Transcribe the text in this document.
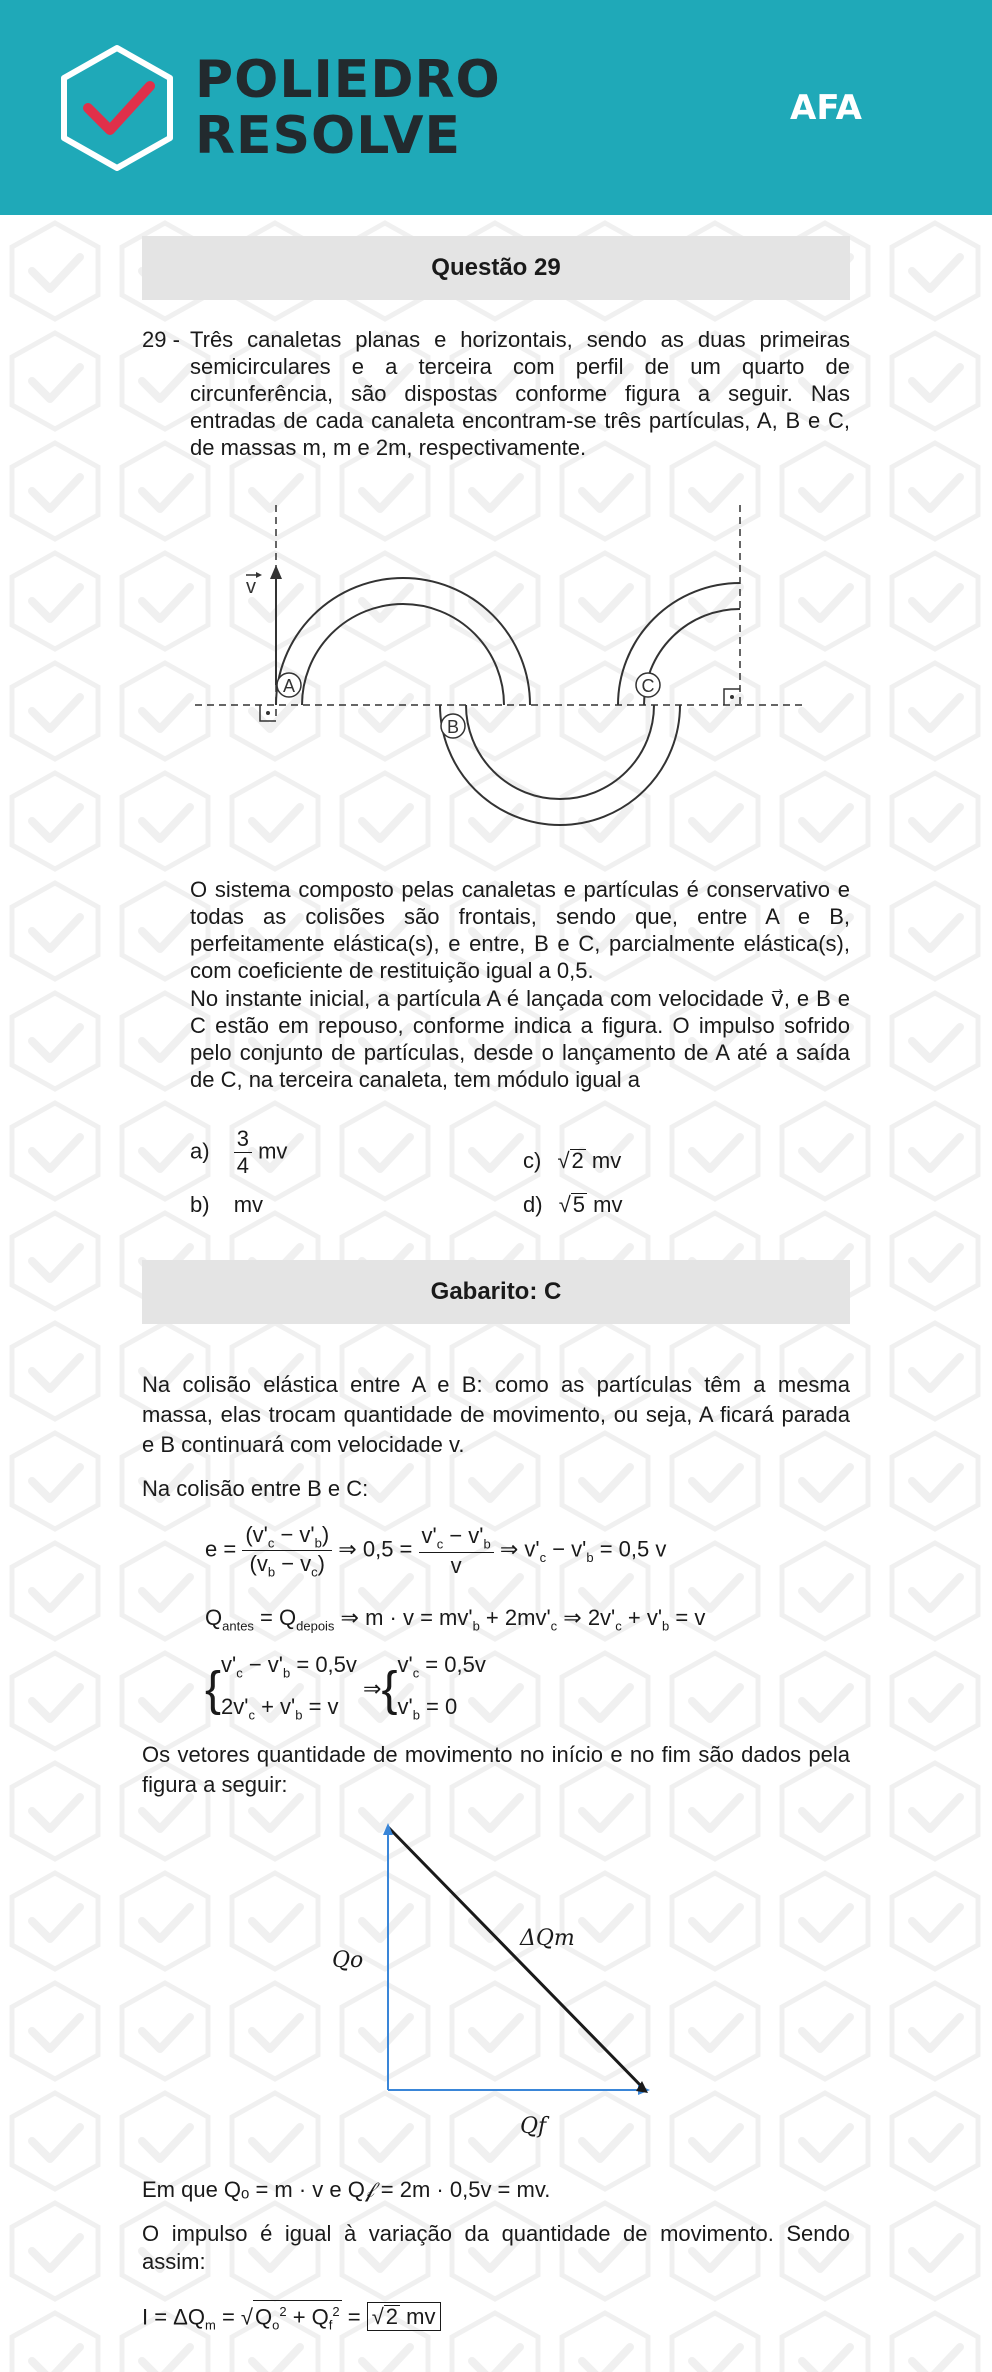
POLIEDRO
RESOLVE	AFA
Questão 29
29 - Três canaletas planas e horizontais, sendo as duas primeiras semicirculares e a terceira com perfil de um quarto de circunferência, são dispostas conforme figura a seguir. Nas entradas de cada canaleta encontram-se três partículas, A, B e C, de massas m, m e 2m, respectivamente.
v
A
B
C
O sistema composto pelas canaletas e partículas é conservativo e todas as colisões são frontais, sendo que, entre A e B, perfeitamente elástica(s), e entre, B e C, parcialmente elástica(s), com coeficiente de restituição igual a 0,5.
No instante inicial, a partícula A é lançada com velocidade v⃗, e B e C estão em repouso, conforme indica a figura. O impulso sofrido pelo conjunto de partículas, desde o lançamento de A até a saída de C, na terceira canaleta, tem módulo igual a
$a) \frac{3}{4}$ mv
b) mv
c) √2 mv
d) √5 mv
Gabarito: C
Na colisão elástica entre A e B: como as partículas têm a mesma massa, elas trocam quantidade de movimento, ou seja, A ficará parada e B continuará com velocidade v.
Na colisão entre B e C:
$e = \frac{(v'_c - v'_b)}{(v_b - v_c)}$ ⇒ $0,5 = \frac{v'_c - v'_b}{v}$ ⇒ $v'_c - v'_b = 0,5$ v
$Q_{antes} = Q_{depois}$ ⇒ $m \cdot v = mv'_b + 2mv'_c$ ⇒ $2v'_c + v'_b = v$
{$v'_c - v'_b = 0,5v$
$2v'_c + v'_b = v$ $\Rightarrow\{v'_c = 0,5v$
$v'_b = 0$
Os vetores quantidade de movimento no início e no fim são dados pela figura a seguir:
Qo
ΔQm
Qf
Em que Qₒ = m · v e Q𝒻 = 2m · 0,5v = mv.
O impulso é igual à variação da quantidade de movimento. Sendo assim:
$I = \Delta Q_m = √Q_o^2 + Q_f^2 = √2$ mv
